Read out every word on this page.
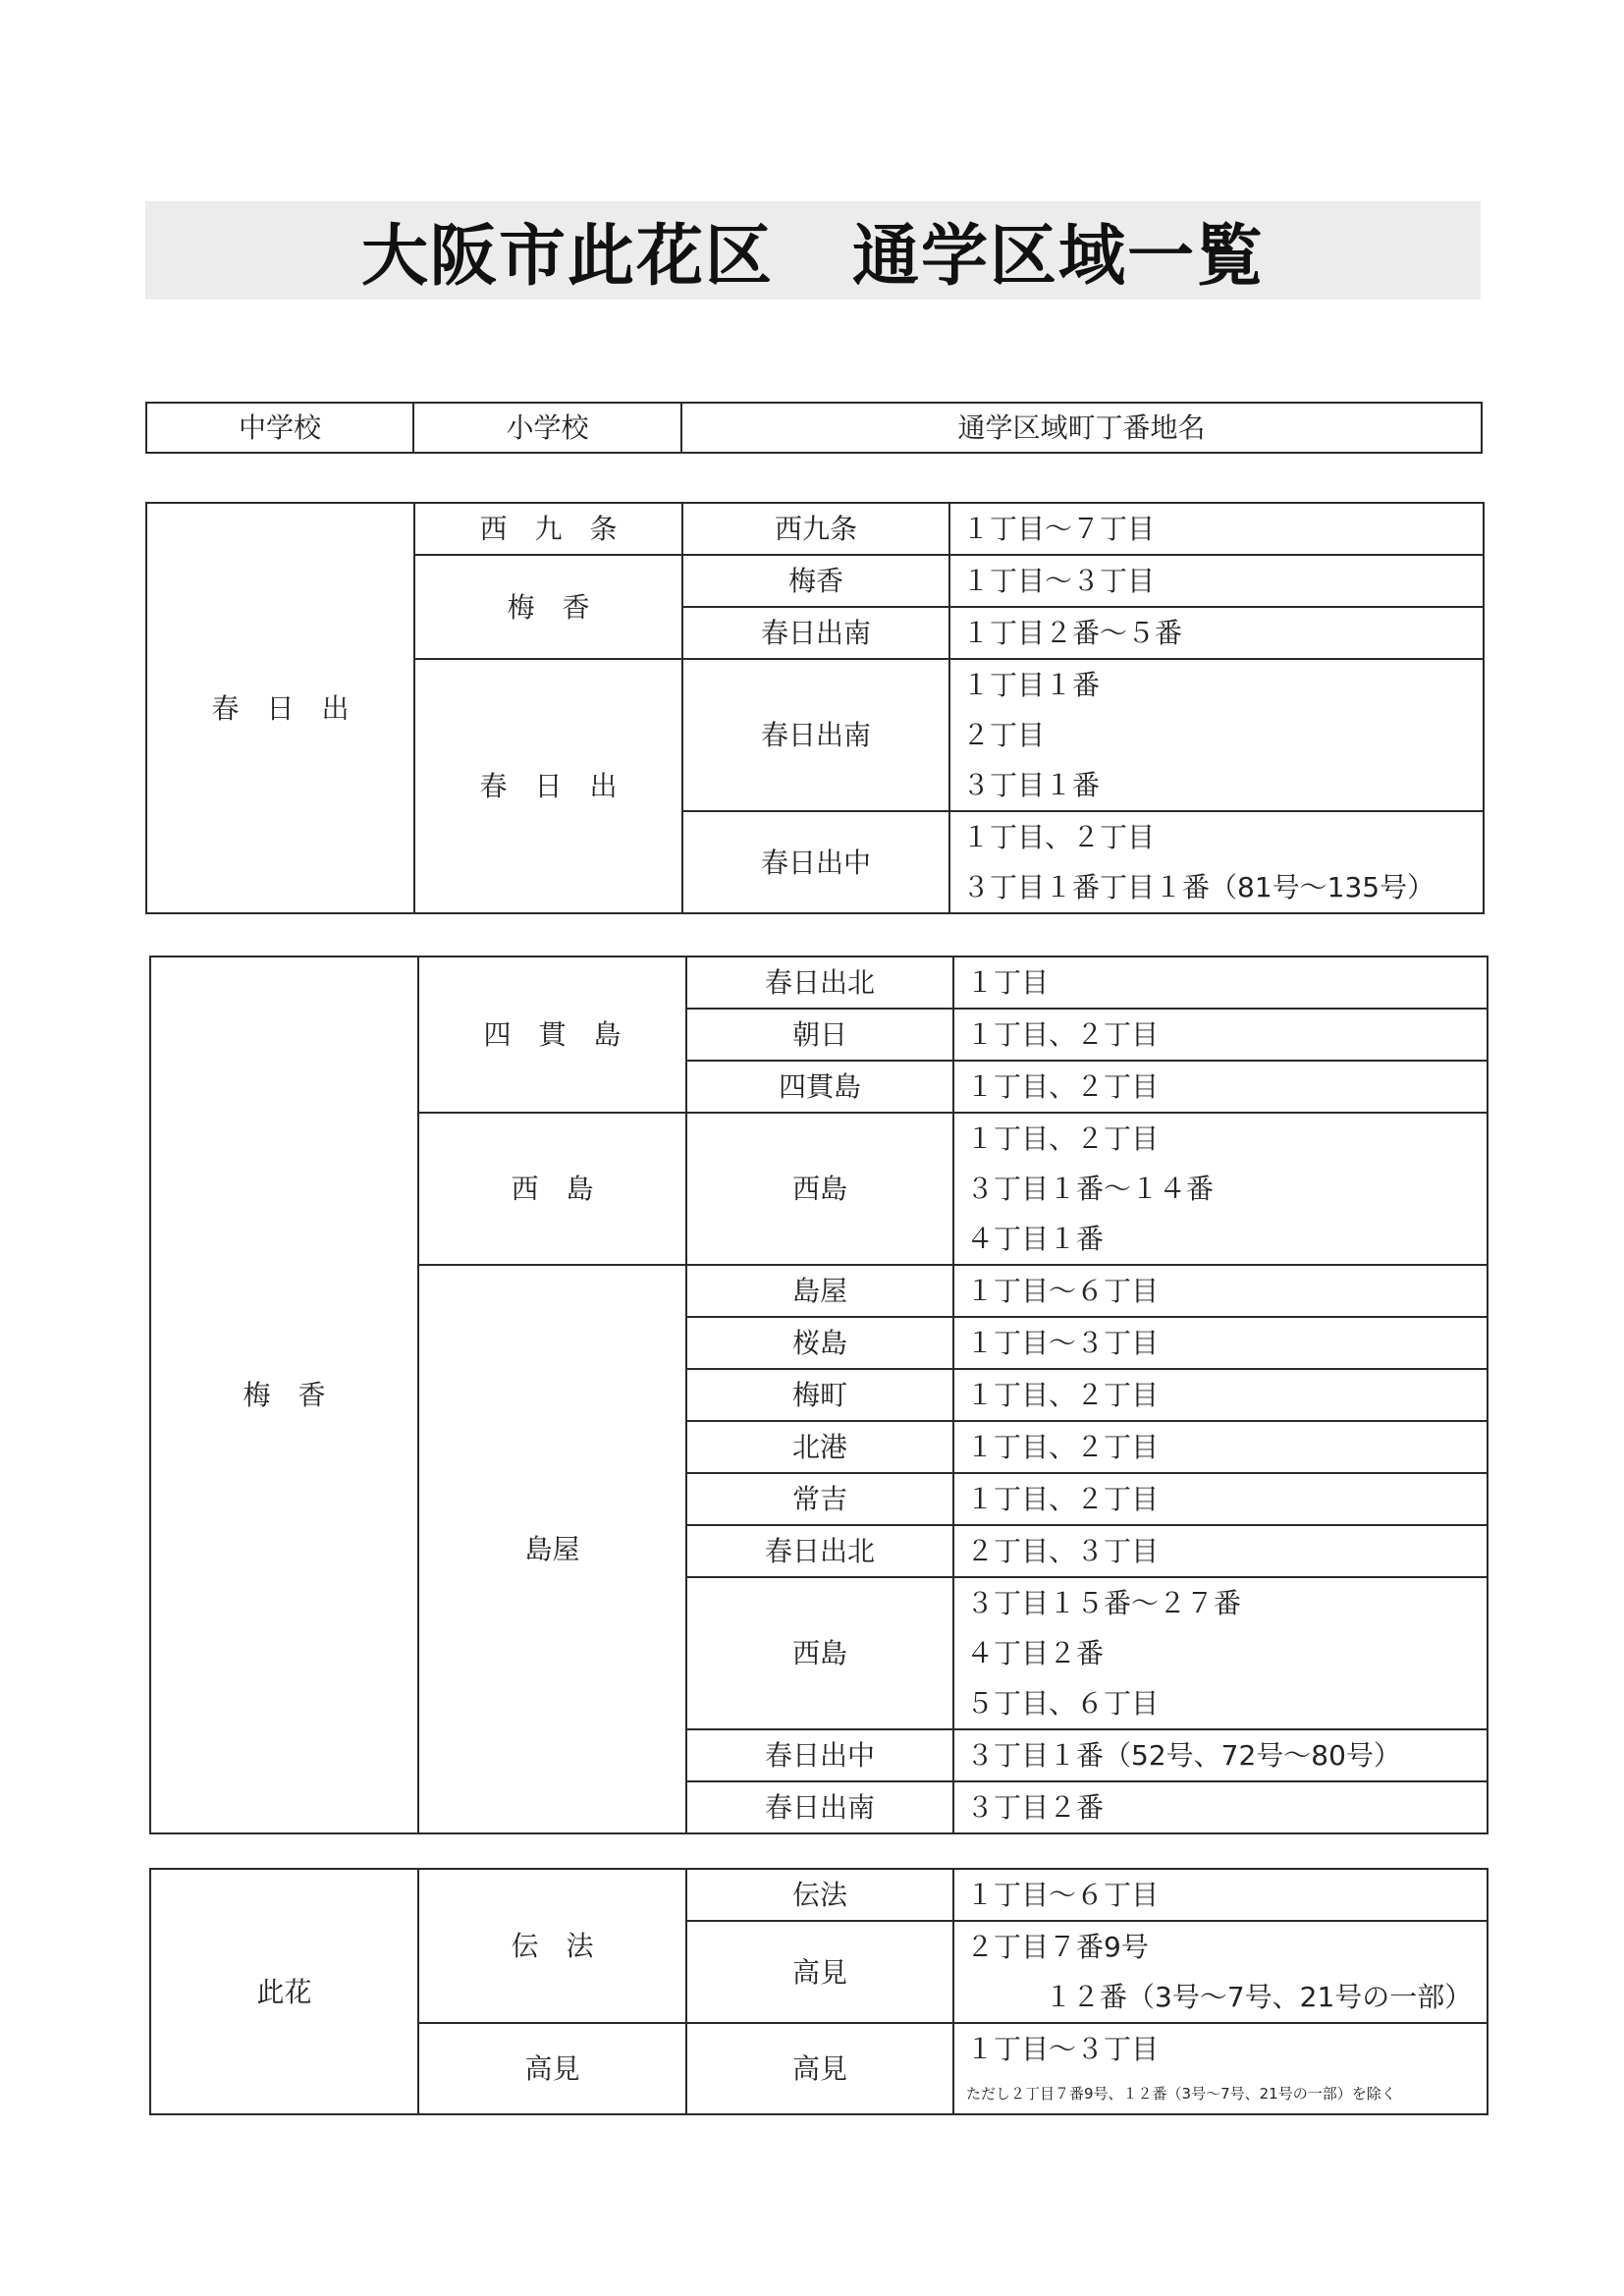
大阪市此花区 通学区域一覧
中学校	小学校	通学区域町丁番地名
春　日　出	西　九　条	西九条	１丁目～７丁目

	梅　香	梅香	１丁目～３丁目

		春日出南	１丁目２番～５番

	春　日　出	春日出南	１丁目１番
２丁目
３丁目１番

		春日出中	１丁目、２丁目
３丁目１番丁目１番（81号～135号）
梅　香	四　貫　島	春日出北	１丁目

		朝日	１丁目、２丁目

		四貫島	１丁目、２丁目

	西　島	西島	１丁目、２丁目
３丁目１番～１４番
４丁目１番

	島屋	島屋	１丁目～６丁目

		桜島	１丁目～３丁目

		梅町	１丁目、２丁目

		北港	１丁目、２丁目

		常吉	１丁目、２丁目

		春日出北	２丁目、３丁目

		西島	３丁目１５番～２７番
４丁目２番
５丁目、６丁目

		春日出中	３丁目１番（52号、72号～80号）

		春日出南	３丁目２番
此花	伝　法	伝法	１丁目～６丁目

		高見	２丁目７番9号
１２番（3号～7号、21号の一部）

	高見	高見	１丁目～３丁目
ただし２丁目７番9号、１２番（3号～7号、21号の一部）を除く
